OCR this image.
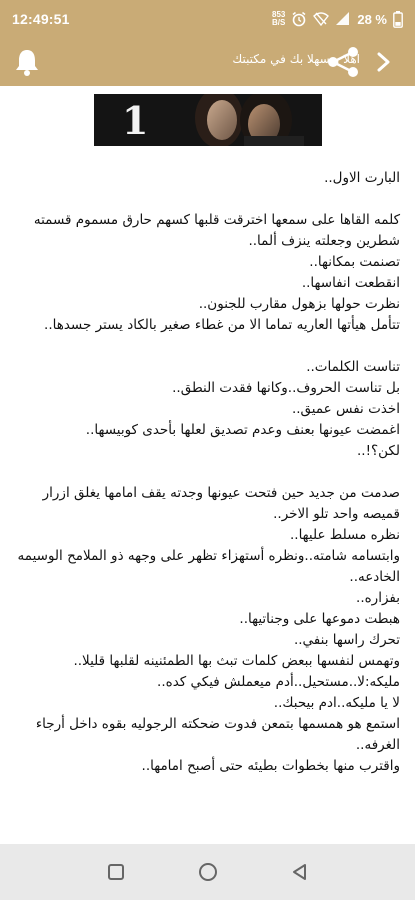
12:49:51	853
B/S	28 %
اهلا و سهلا بك في مكتبتك
1

البارت الاول..

كلمه القاها على سمعها اخترقت قلبها كسهم حارق مسموم قسمته شطرين وجعلته ينزف ألما..

تصنمت بمكانها..

انقطعت انفاسها..

نظرت حولها بزهول مقارب للجنون..

تتأمل هيأتها العاريه تماما الا من غطاء صغير بالكاد يستر جسدها..

تناست الكلمات..

بل تناست الحروف..وكانها فقدت النطق..

اخذت نفس عميق..

اغمضت عيونها بعنف وعدم تصديق لعلها بأحدى كوبيسها..

لكن؟!..

صدمت من جديد حين فتحت عيونها وجدته يقف امامها يغلق ازرار قميصه واحد تلو الاخر..

نظره مسلط عليها..

وابتسامه شامته..ونظره أستهزاء تظهر على وجهه ذو الملامح الوسيمه الخادعه..

بفزاره..

هبطت دموعها على وجناتيها..

تحرك راسها بنفي..

وتهمس لنفسها ببعض كلمات تبث بها الطمئنينه لقلبها قليلا..

مليكه:لا..مستحيل..أدم ميعملش فيكي كده..

لا يا مليكه..ادم بيحبك..

استمع هو همسمها بتمعن فدوت ضحكته الرجوليه بقوه داخل أرجاء الغرفه..

واقترب منها بخطوات بطيئه حتى أصبح امامها..
